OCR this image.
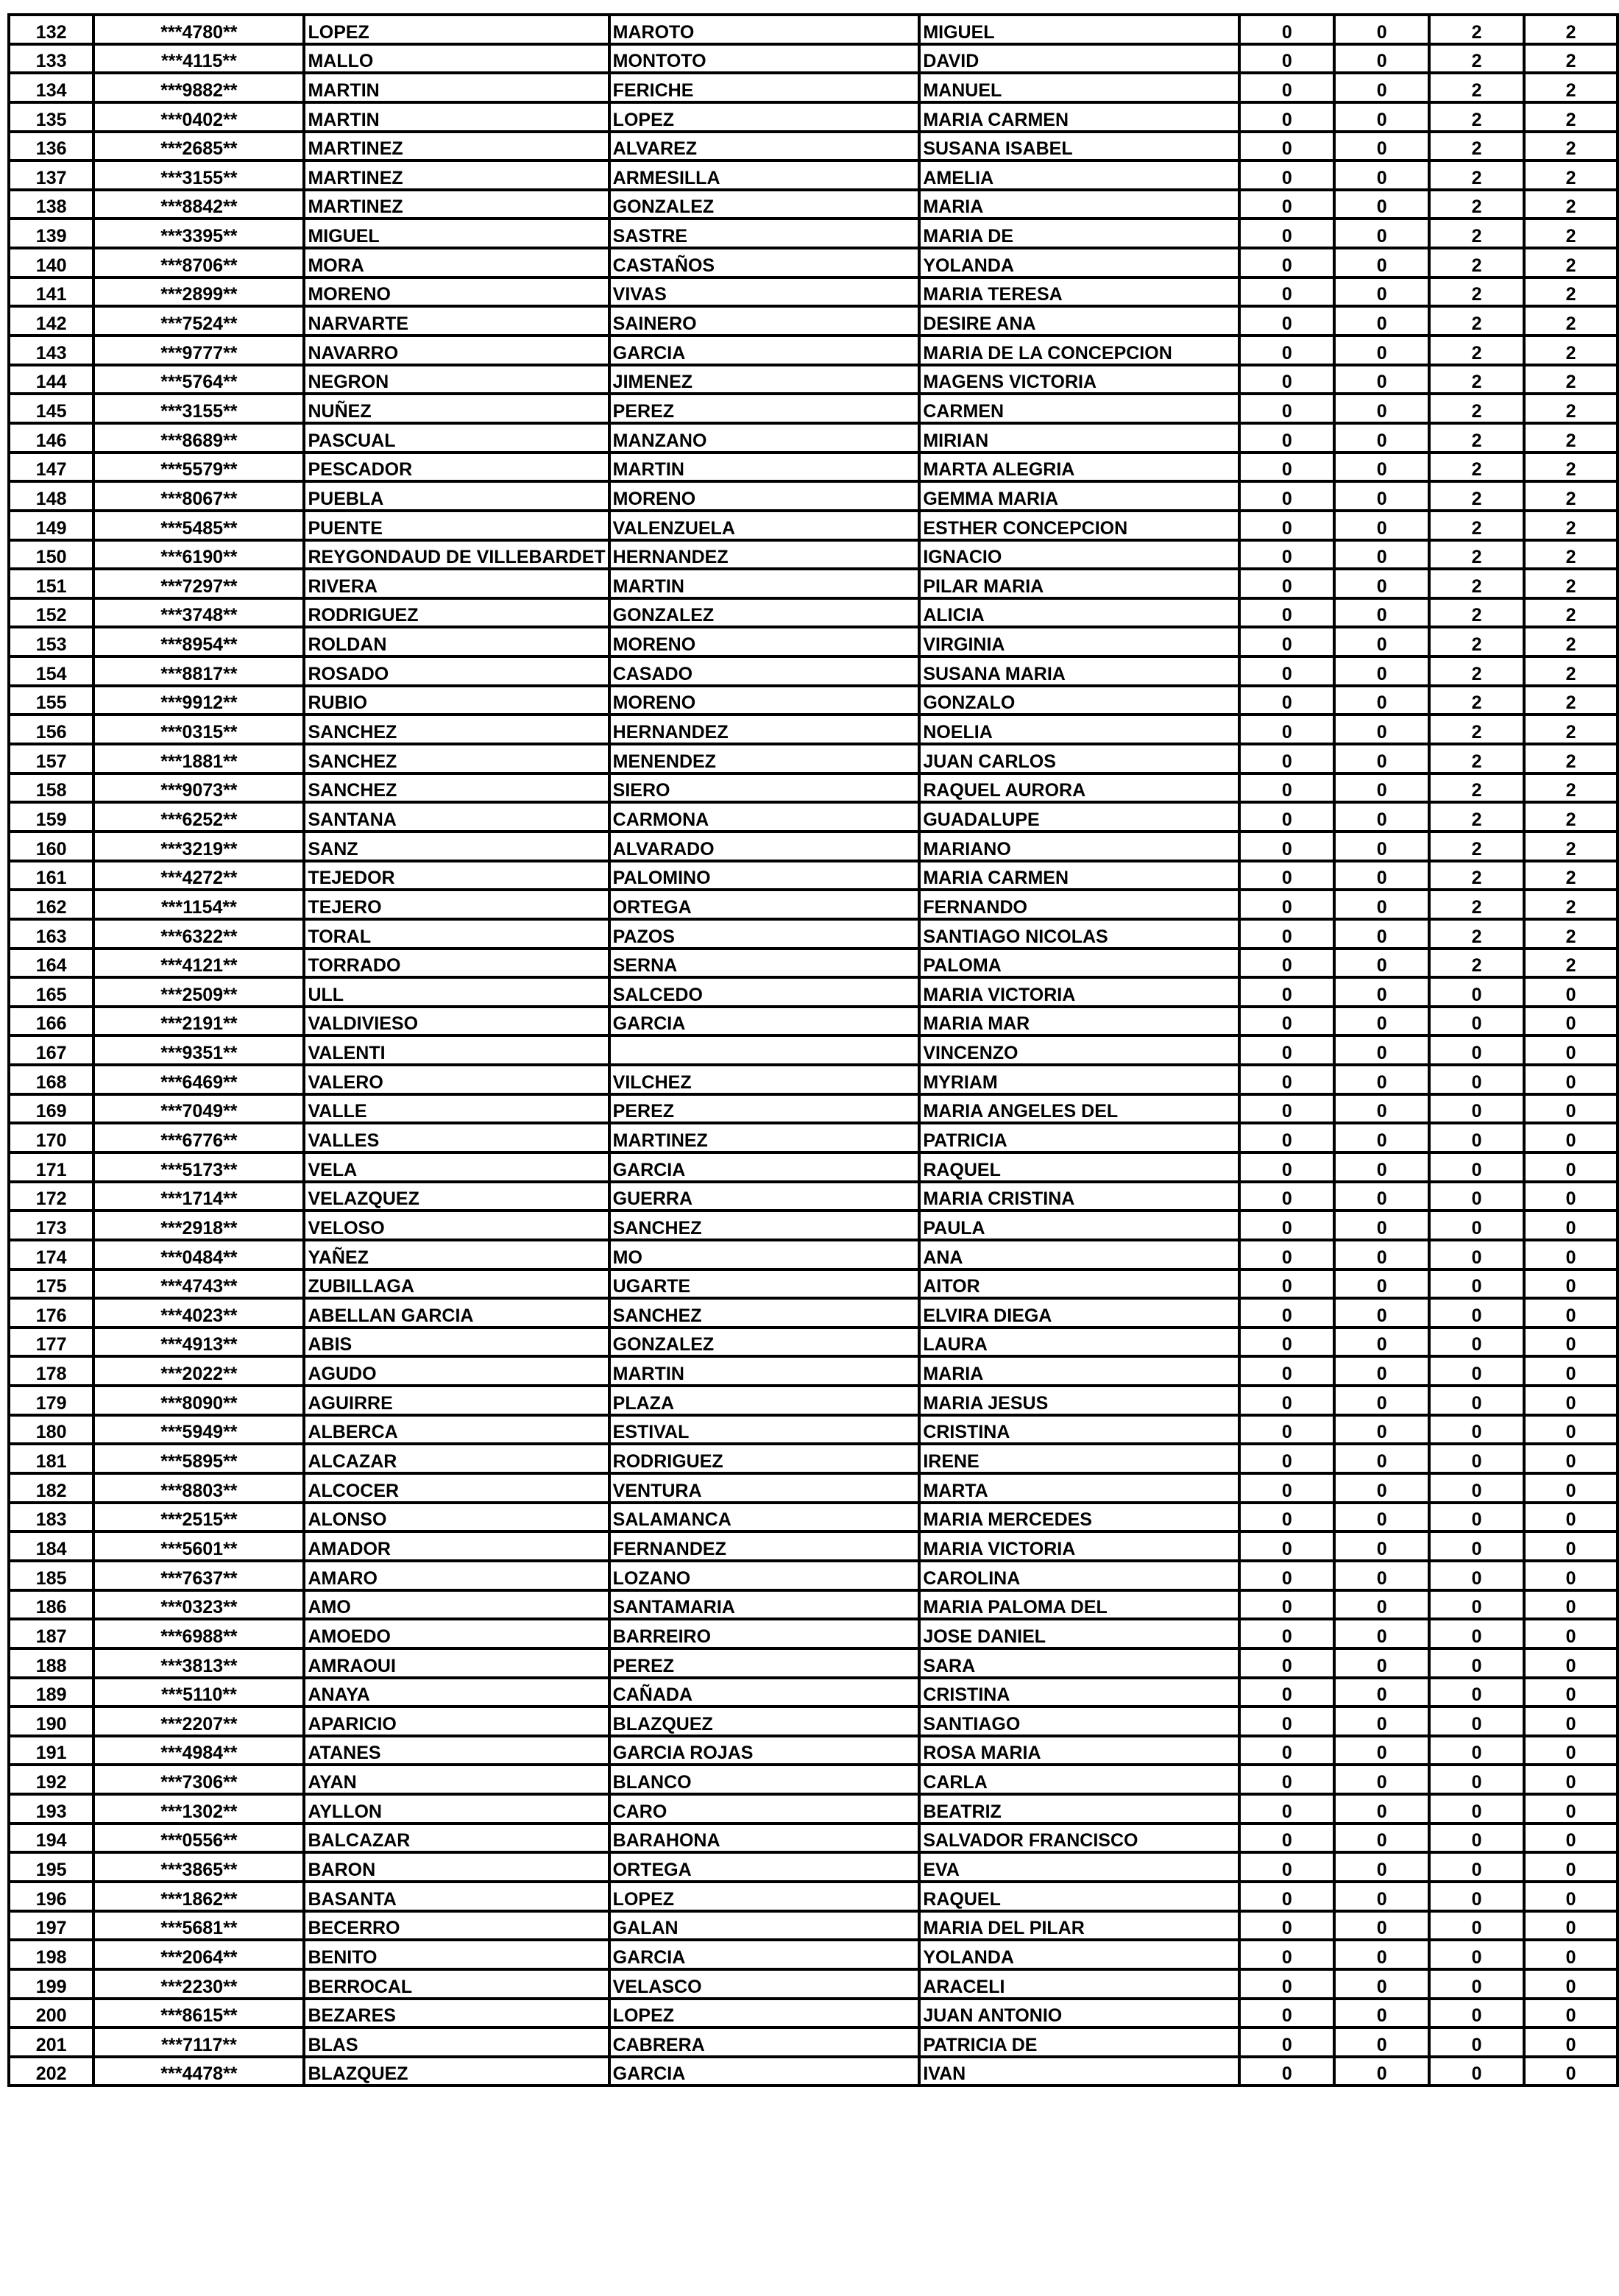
132	***4780**	LOPEZ	MAROTO	MIGUEL	0	0	2	2
133	***4115**	MALLO	MONTOTO	DAVID	0	0	2	2
134	***9882**	MARTIN	FERICHE	MANUEL	0	0	2	2
135	***0402**	MARTIN	LOPEZ	MARIA CARMEN	0	0	2	2
136	***2685**	MARTINEZ	ALVAREZ	SUSANA ISABEL	0	0	2	2
137	***3155**	MARTINEZ	ARMESILLA	AMELIA	0	0	2	2
138	***8842**	MARTINEZ	GONZALEZ	MARIA	0	0	2	2
139	***3395**	MIGUEL	SASTRE	MARIA DE	0	0	2	2
140	***8706**	MORA	CASTAÑOS	YOLANDA	0	0	2	2
141	***2899**	MORENO	VIVAS	MARIA TERESA	0	0	2	2
142	***7524**	NARVARTE	SAINERO	DESIRE ANA	0	0	2	2
143	***9777**	NAVARRO	GARCIA	MARIA DE LA CONCEPCION	0	0	2	2
144	***5764**	NEGRON	JIMENEZ	MAGENS VICTORIA	0	0	2	2
145	***3155**	NUÑEZ	PEREZ	CARMEN	0	0	2	2
146	***8689**	PASCUAL	MANZANO	MIRIAN	0	0	2	2
147	***5579**	PESCADOR	MARTIN	MARTA ALEGRIA	0	0	2	2
148	***8067**	PUEBLA	MORENO	GEMMA MARIA	0	0	2	2
149	***5485**	PUENTE	VALENZUELA	ESTHER CONCEPCION	0	0	2	2
150	***6190**	REYGONDAUD DE VILLEBARDET	HERNANDEZ	IGNACIO	0	0	2	2
151	***7297**	RIVERA	MARTIN	PILAR MARIA	0	0	2	2
152	***3748**	RODRIGUEZ	GONZALEZ	ALICIA	0	0	2	2
153	***8954**	ROLDAN	MORENO	VIRGINIA	0	0	2	2
154	***8817**	ROSADO	CASADO	SUSANA MARIA	0	0	2	2
155	***9912**	RUBIO	MORENO	GONZALO	0	0	2	2
156	***0315**	SANCHEZ	HERNANDEZ	NOELIA	0	0	2	2
157	***1881**	SANCHEZ	MENENDEZ	JUAN CARLOS	0	0	2	2
158	***9073**	SANCHEZ	SIERO	RAQUEL AURORA	0	0	2	2
159	***6252**	SANTANA	CARMONA	GUADALUPE	0	0	2	2
160	***3219**	SANZ	ALVARADO	MARIANO	0	0	2	2
161	***4272**	TEJEDOR	PALOMINO	MARIA CARMEN	0	0	2	2
162	***1154**	TEJERO	ORTEGA	FERNANDO	0	0	2	2
163	***6322**	TORAL	PAZOS	SANTIAGO NICOLAS	0	0	2	2
164	***4121**	TORRADO	SERNA	PALOMA	0	0	2	2
165	***2509**	ULL	SALCEDO	MARIA VICTORIA	0	0	0	0
166	***2191**	VALDIVIESO	GARCIA	MARIA MAR	0	0	0	0
167	***9351**	VALENTI		VINCENZO	0	0	0	0
168	***6469**	VALERO	VILCHEZ	MYRIAM	0	0	0	0
169	***7049**	VALLE	PEREZ	MARIA ANGELES DEL	0	0	0	0
170	***6776**	VALLES	MARTINEZ	PATRICIA	0	0	0	0
171	***5173**	VELA	GARCIA	RAQUEL	0	0	0	0
172	***1714**	VELAZQUEZ	GUERRA	MARIA CRISTINA	0	0	0	0
173	***2918**	VELOSO	SANCHEZ	PAULA	0	0	0	0
174	***0484**	YAÑEZ	MO	ANA	0	0	0	0
175	***4743**	ZUBILLAGA	UGARTE	AITOR	0	0	0	0
176	***4023**	ABELLAN GARCIA	SANCHEZ	ELVIRA DIEGA	0	0	0	0
177	***4913**	ABIS	GONZALEZ	LAURA	0	0	0	0
178	***2022**	AGUDO	MARTIN	MARIA	0	0	0	0
179	***8090**	AGUIRRE	PLAZA	MARIA JESUS	0	0	0	0
180	***5949**	ALBERCA	ESTIVAL	CRISTINA	0	0	0	0
181	***5895**	ALCAZAR	RODRIGUEZ	IRENE	0	0	0	0
182	***8803**	ALCOCER	VENTURA	MARTA	0	0	0	0
183	***2515**	ALONSO	SALAMANCA	MARIA MERCEDES	0	0	0	0
184	***5601**	AMADOR	FERNANDEZ	MARIA VICTORIA	0	0	0	0
185	***7637**	AMARO	LOZANO	CAROLINA	0	0	0	0
186	***0323**	AMO	SANTAMARIA	MARIA PALOMA DEL	0	0	0	0
187	***6988**	AMOEDO	BARREIRO	JOSE DANIEL	0	0	0	0
188	***3813**	AMRAOUI	PEREZ	SARA	0	0	0	0
189	***5110**	ANAYA	CAÑADA	CRISTINA	0	0	0	0
190	***2207**	APARICIO	BLAZQUEZ	SANTIAGO	0	0	0	0
191	***4984**	ATANES	GARCIA ROJAS	ROSA MARIA	0	0	0	0
192	***7306**	AYAN	BLANCO	CARLA	0	0	0	0
193	***1302**	AYLLON	CARO	BEATRIZ	0	0	0	0
194	***0556**	BALCAZAR	BARAHONA	SALVADOR FRANCISCO	0	0	0	0
195	***3865**	BARON	ORTEGA	EVA	0	0	0	0
196	***1862**	BASANTA	LOPEZ	RAQUEL	0	0	0	0
197	***5681**	BECERRO	GALAN	MARIA DEL PILAR	0	0	0	0
198	***2064**	BENITO	GARCIA	YOLANDA	0	0	0	0
199	***2230**	BERROCAL	VELASCO	ARACELI	0	0	0	0
200	***8615**	BEZARES	LOPEZ	JUAN ANTONIO	0	0	0	0
201	***7117**	BLAS	CABRERA	PATRICIA DE	0	0	0	0
202	***4478**	BLAZQUEZ	GARCIA	IVAN	0	0	0	0
